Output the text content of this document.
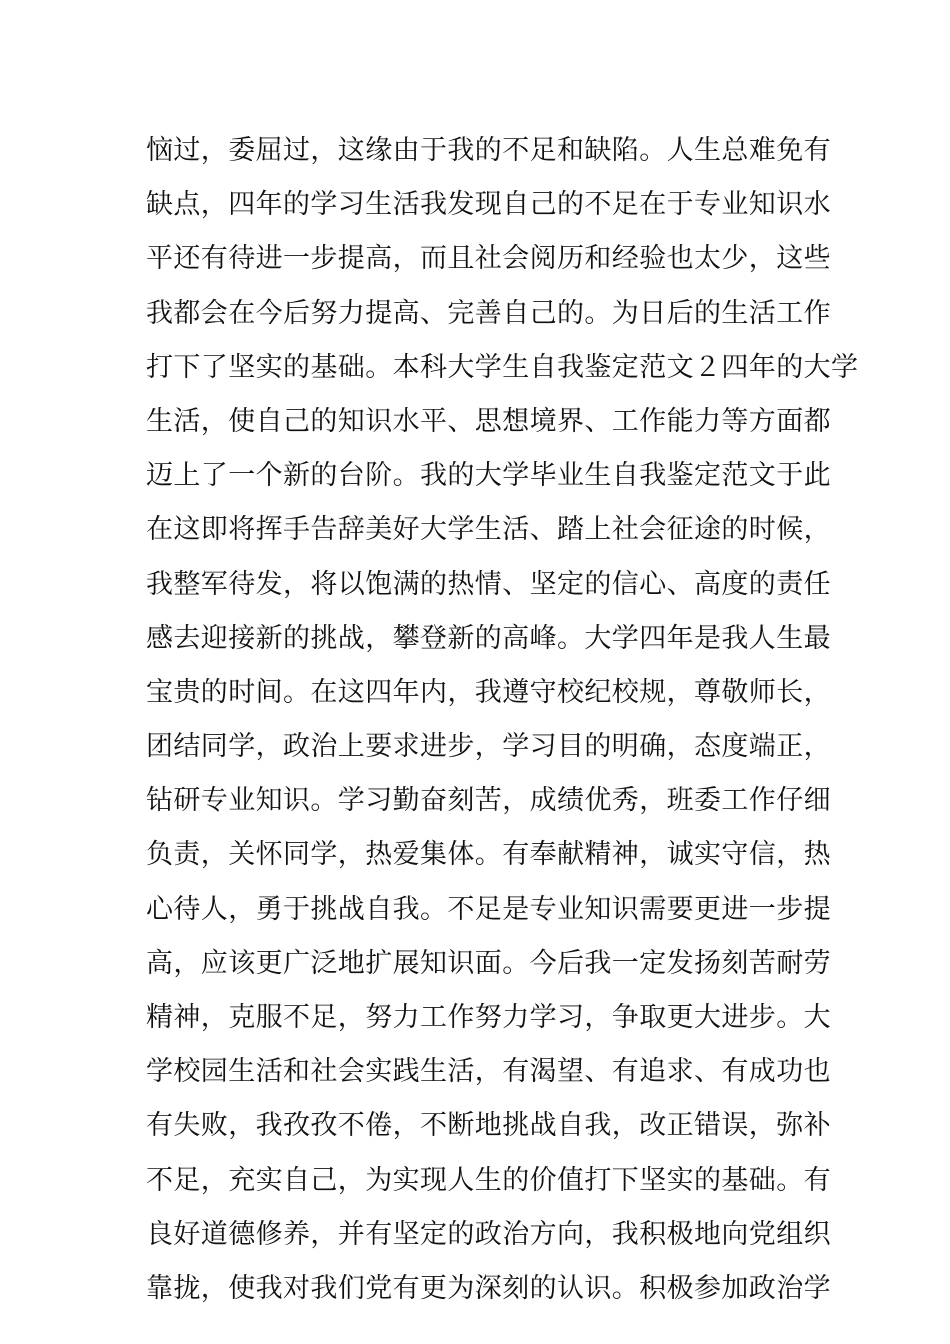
恼过，委屈过，这缘由于我的不足和缺陷。人生总难免有
缺点，四年的学习生活我发现自己的不足在于专业知识水
平还有待进一步提高，而且社会阅历和经验也太少，这些
我都会在今后努力提高、完善自己的。为日后的生活工作
打下了坚实的基础。本科大学生自我鉴定范文２四年的大学
生活，使自己的知识水平、思想境界、工作能力等方面都
迈上了一个新的台阶。我的大学毕业生自我鉴定范文于此
在这即将挥手告辞美好大学生活、踏上社会征途的时候，
我整军待发，将以饱满的热情、坚定的信心、高度的责任
感去迎接新的挑战，攀登新的高峰。大学四年是我人生最
宝贵的时间。在这四年内，我遵守校纪校规，尊敬师长，
团结同学，政治上要求进步，学习目的明确，态度端正，
钻研专业知识。学习勤奋刻苦，成绩优秀，班委工作仔细
负责，关怀同学，热爱集体。有奉献精神，诚实守信，热
心待人，勇于挑战自我。不足是专业知识需要更进一步提
高，应该更广泛地扩展知识面。今后我一定发扬刻苦耐劳
精神，克服不足，努力工作努力学习，争取更大进步。大
学校园生活和社会实践生活，有渴望、有追求、有成功也
有失败，我孜孜不倦，不断地挑战自我，改正错误，弥补
不足，充实自己，为实现人生的价值打下坚实的基础。有
良好道德修养，并有坚定的政治方向，我积极地向党组织
靠拢，使我对我们党有更为深刻的认识。积极参加政治学
